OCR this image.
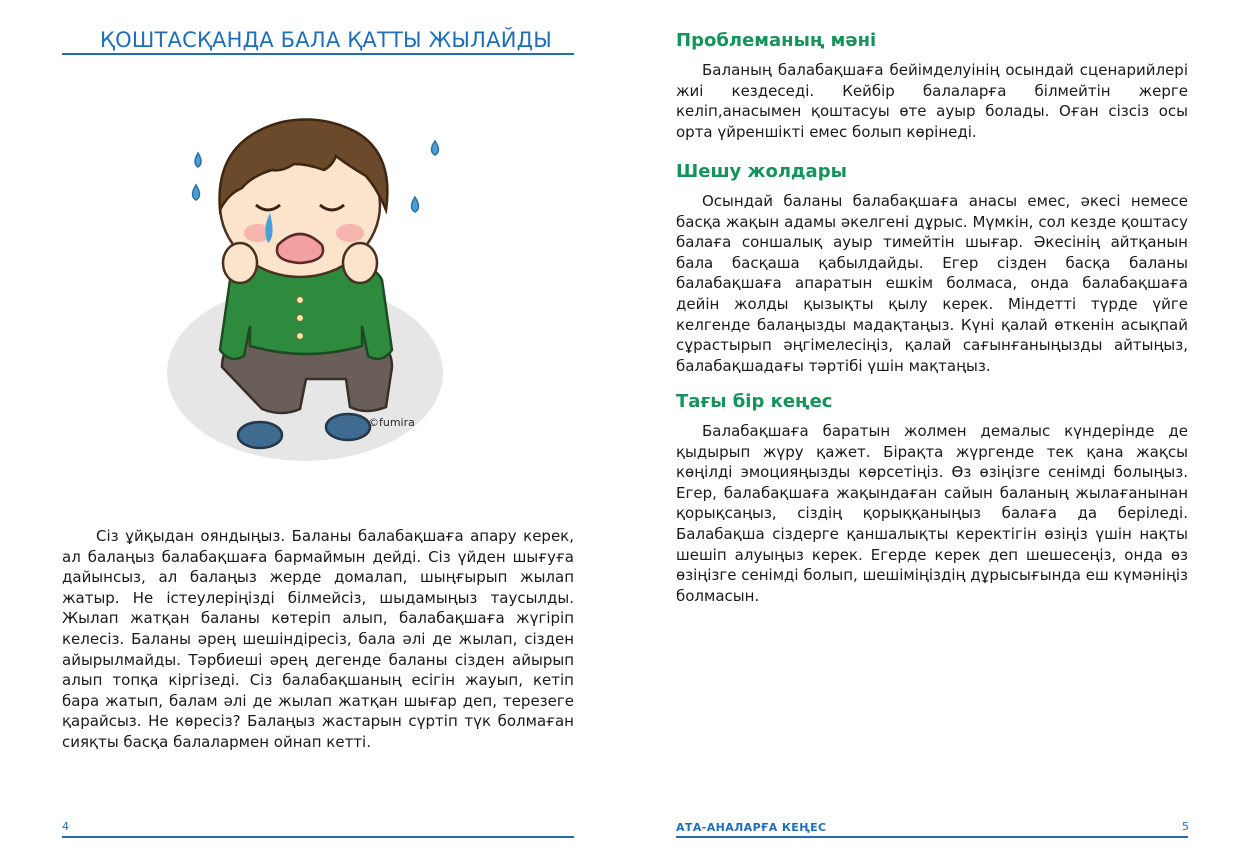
ҚОШТАСҚАНДА БАЛА ҚАТТЫ ЖЫЛАЙДЫ
©fumira

Сіз ұйқыдан ояндыңыз. Баланы балабақшаға апару керек, ал балаңыз балабақшаға бармаймын дейді. Сіз үйден шығуға дайынсыз, ал балаңыз жерде домалап, шыңғырып жылап жатыр. Не істеулеріңізді білмейсіз, шыдамыңыз таусылды. Жылап жатқан баланы көтеріп алып, балабақшаға жүгіріп келесіз. Баланы әрең шешіндіресіз, бала әлі де жылап, сізден айырылмайды. Тәрбиеші әрең дегенде баланы сізден айырып алып топқа кіргізеді. Сіз балабақшаның есігін жауып, кетіп бара жатып, балам әлі де жылап жатқан шығар деп, терезеге қарайсыз. Не көресіз? Балаңыз жастарын сүртіп түк болмаған сияқты басқа балалармен ойнап кетті.

4
Проблеманың мәні

Баланың балабақшаға бейімделуінің осындай сценарийлері жиі кездеседі. Кейбір балаларға білмейтін жерге келіп,анасымен қоштасуы өте ауыр болады. Оған сізсіз осы орта үйреншікті емес болып көрінеді.

Шешу жолдары

Осындай баланы балабақшаға анасы емес, әкесі немесе басқа жақын адамы әкелгені дұрыс. Мүмкін, сол кезде қоштасу балаға соншалық ауыр тимейтін шығар. Әкесінің айтқанын бала басқаша қабылдайды. Егер сізден басқа баланы балабақшаға апаратын ешкім болмаса, онда балабақшаға дейін жолды қызықты қылу керек. Міндетті түрде үйге келгенде балаңызды мадақтаңыз. Күні қалай өткенін асықпай сұрастырып әңгімелесіңіз, қалай сағынғаныңызды айтыңыз, балабақшадағы тәртібі үшін мақтаңыз.

Тағы бір кеңес

Балабақшаға баратын жолмен демалыс күндерінде де қыдырып жүру қажет. Бірақта жүргенде тек қана жақсы көңілді эмоцияңызды көрсетіңіз. Өз өзіңізге сенімді болыңыз. Егер, балабақшаға жақындаған сайын баланың жылағанынан қорықсаңыз, сіздің қорыққаныңыз балаға да беріледі. Балабақша сіздерге қаншалықты керектігін өзіңіз үшін нақты шешіп алуыңыз керек. Егерде керек деп шешесеңіз, онда өз өзіңізге сенімді болып, шешіміңіздің дұрысығында еш күмәніңіз болмасын.

АТА-АНАЛАРҒА КЕҢЕС	5
